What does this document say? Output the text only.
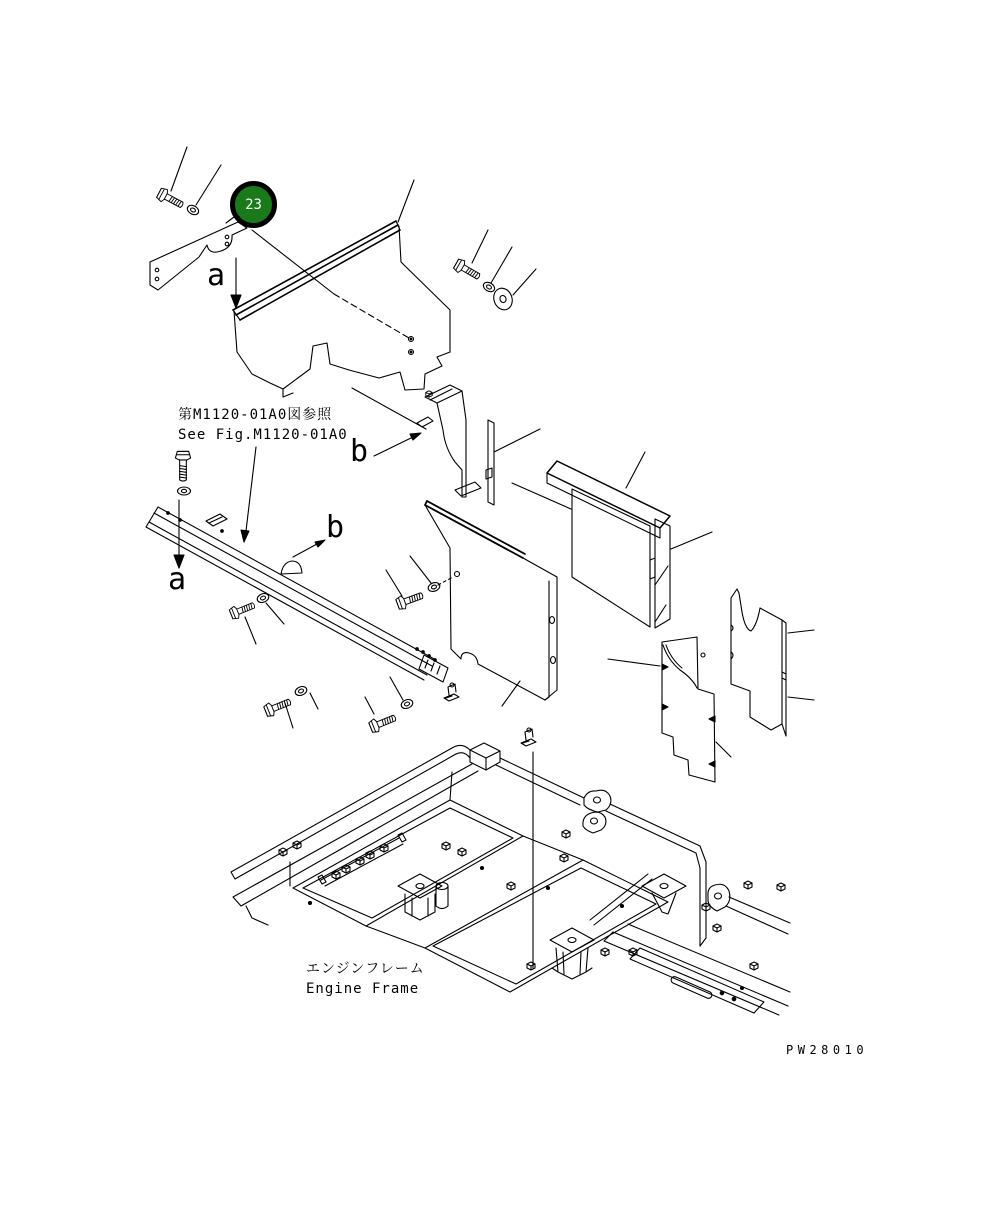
23
a
a
b
b
第M1120-01A0図参照
See Fig.M1120-01A0
エンジンフレーム
Engine Frame
PW28010
